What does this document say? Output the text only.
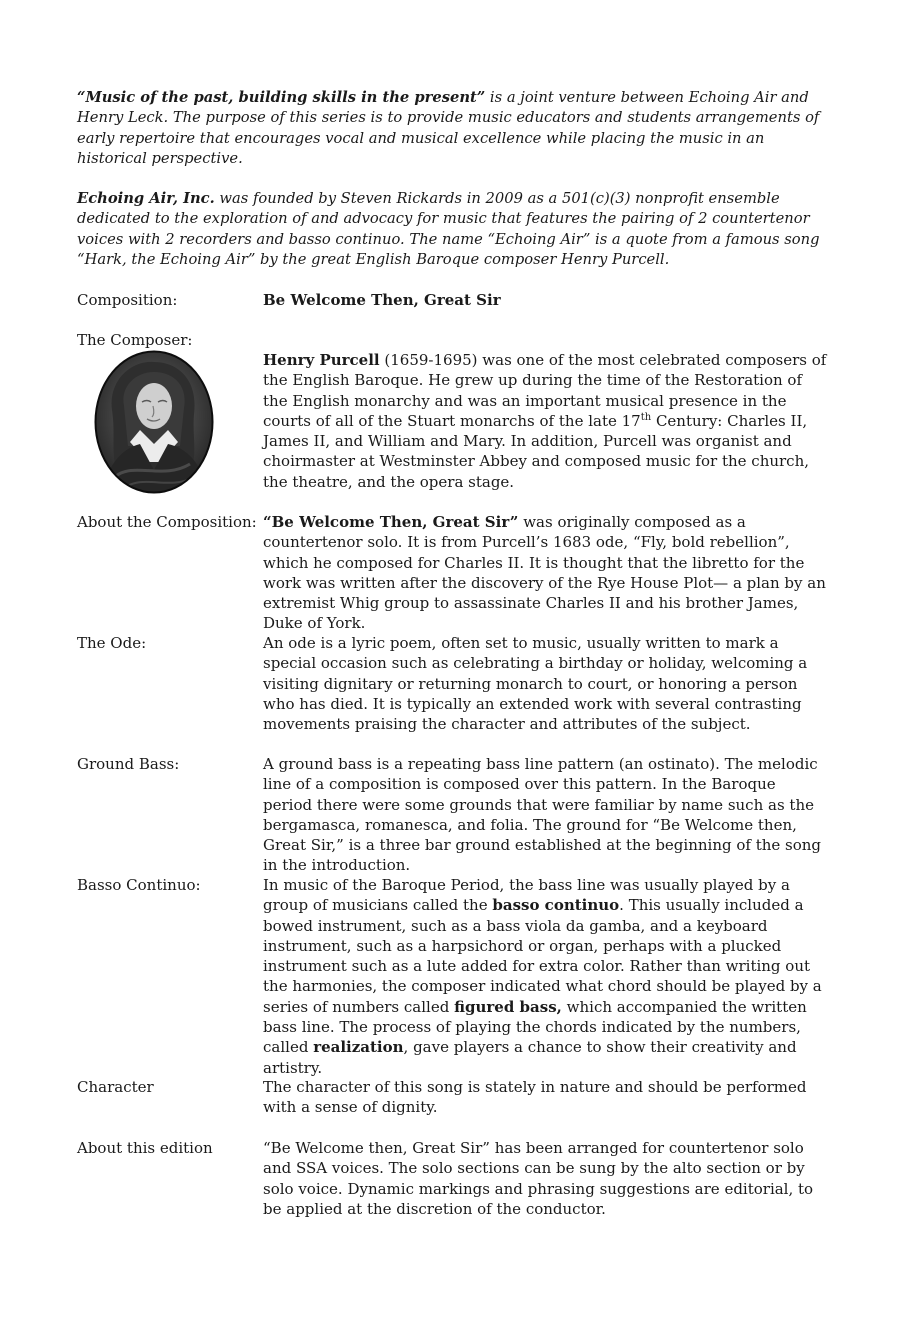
“Music of the past, building skills in the present” is a joint venture between Echoing Air and Henry Leck. The purpose of this series is to provide music educators and students arrangements of early repertoire that encourages vocal and musical excellence while placing the music in an historical perspective.
Echoing Air, Inc. was founded by Steven Rickards in 2009 as a 501(c)(3) nonprofit ensemble dedicated to the exploration of and advocacy for music that features the pairing of 2 countertenor voices with 2 recorders and basso continuo. The name “Echoing Air” is a quote from a famous song “Hark, the Echoing Air” by the great English Baroque composer Henry Purcell.
Composition:	Be Welcome Then, Great Sir
The Composer:
Henry Purcell (1659-1695) was one of the most celebrated composers of the English Baroque. He grew up during the time of the Restoration of the English monarchy and was an important musical presence in the courts of all of the Stuart monarchs of the late 17th Century: Charles II, James II, and William and Mary. In addition, Purcell was organist and choirmaster at Westminster Abbey and composed music for the church, the theatre, and the opera stage.
About the Composition: “Be Welcome Then, Great Sir” was originally composed as a countertenor solo. It is from Purcell’s 1683 ode, “Fly, bold rebellion”, which he composed for Charles II. It is thought that the libretto for the work was written after the discovery of the Rye House Plot— a plan by an extremist Whig group to assassinate Charles II and his brother James, Duke of York.
The Ode:	An ode is a lyric poem, often set to music, usually written to mark a special occasion such as celebrating a birthday or holiday, welcoming a visiting dignitary or returning monarch to court, or honoring a person who has died. It is typically an extended work with several contrasting movements praising the character and attributes of the subject.
Ground Bass:	A ground bass is a repeating bass line pattern (an ostinato). The melodic line of a composition is composed over this pattern. In the Baroque period there were some grounds that were familiar by name such as the bergamasca, romanesca, and folia. The ground for “Be Welcome then, Great Sir,” is a three bar ground established at the beginning of the song in the introduction.
Basso Continuo:	In music of the Baroque Period, the bass line was usually played by a group of musicians called the basso continuo. This usually included a bowed instrument, such as a bass viola da gamba, and a keyboard instrument, such as a harpsichord or organ, perhaps with a plucked instrument such as a lute added for extra color. Rather than writing out the harmonies, the composer indicated what chord should be played by a series of numbers called figured bass, which accompanied the written bass line. The process of playing the chords indicated by the numbers, called realization, gave players a chance to show their creativity and artistry.
Character	The character of this song is stately in nature and should be performed with a sense of dignity.
About this edition	“Be Welcome then, Great Sir” has been arranged for countertenor solo and SSA voices. The solo sections can be sung by the alto section or by solo voice. Dynamic markings and phrasing suggestions are editorial, to be applied at the discretion of the conductor.
